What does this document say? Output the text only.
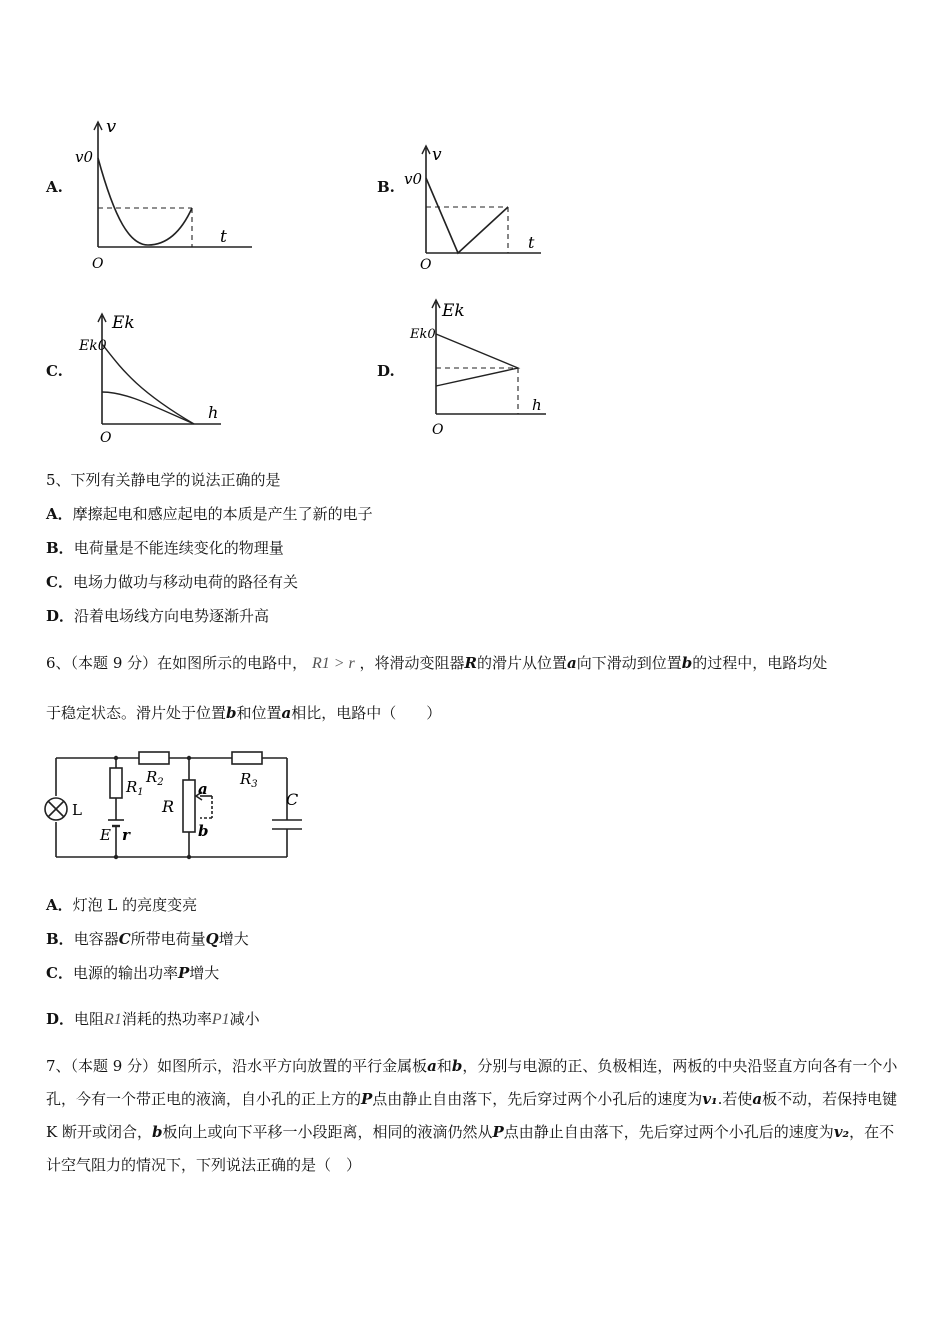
A.
v
v0
t
O
B.
v
v0
t
O
C.
Ek
Ek0
h
O
D.
Ek
Ek0
h
O
5、下列有关静电学的说法正确的是
A．摩擦起电和感应起电的本质是产生了新的电子
B．电荷量是不能连续变化的物理量
C．电场力做功与移动电荷的路径有关
D．沿着电场线方向电势逐渐升高
6、（本题 9 分）在如图所示的电路中， R1 > r ，将滑动变阻器R的滑片从位置a向下滑动到位置b的过程中，电路均处
于稳定状态。滑片处于位置b和位置a相比，电路中（　　）
L
$R_1$
$R_2$	$R_3$
R
a
b
C
E r
A．灯泡 L 的亮度变亮
B．电容器C所带电荷量Q增大
C．电源的输出功率P增大
D．电阻R1消耗的热功率P1减小
7、（本题 9 分）如图所示，沿水平方向放置的平行金属板a和b，分别与电源的正、负极相连，两板的中央沿竖直方向各有一个小孔，今有一个带正电的液滴，自小孔的正上方的P点由静止自由落下，先后穿过两个小孔后的速度为v₁.若使a板不动，若保持电键 K 断开或闭合，b板向上或向下平移一小段距离，相同的液滴仍然从P点由静止自由落下，先后穿过两个小孔后的速度为v₂，在不计空气阻力的情况下，下列说法正确的是（　）
